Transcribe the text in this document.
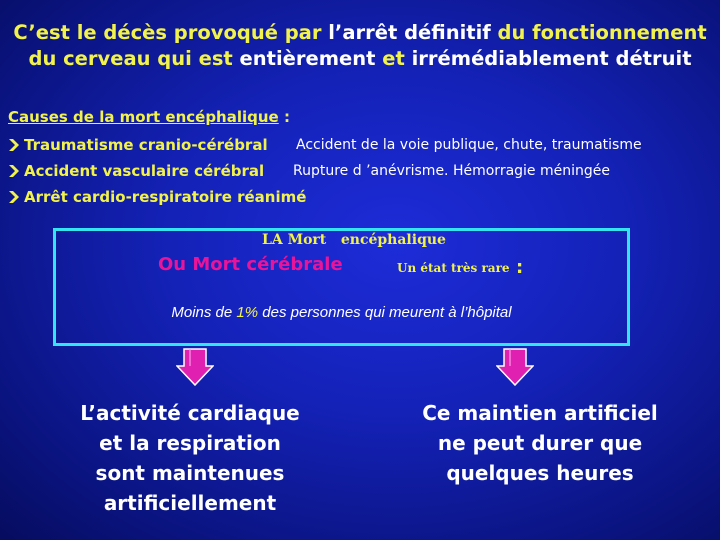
C’est le décès provoqué par l’arrêt définitif du fonctionnement
du cerveau qui est entièrement et irrémédiablement détruit
Causes de la mort encéphalique :
Traumatisme cranio-cérébral Accident de la voie publique, chute, traumatisme
Accident vasculaire cérébral Rupture d ’anévrisme. Hémorragie méningée
Arrêt cardio-respiratoire réanimé
LA Mort   encéphalique
Ou Mort cérébrale	Un état très rare :
Moins de 1% des personnes qui meurent à l’hôpital
L’activité cardiaque
et la respiration
sont maintenues
artificiellement
Ce maintien artificiel
ne peut durer que
quelques heures
